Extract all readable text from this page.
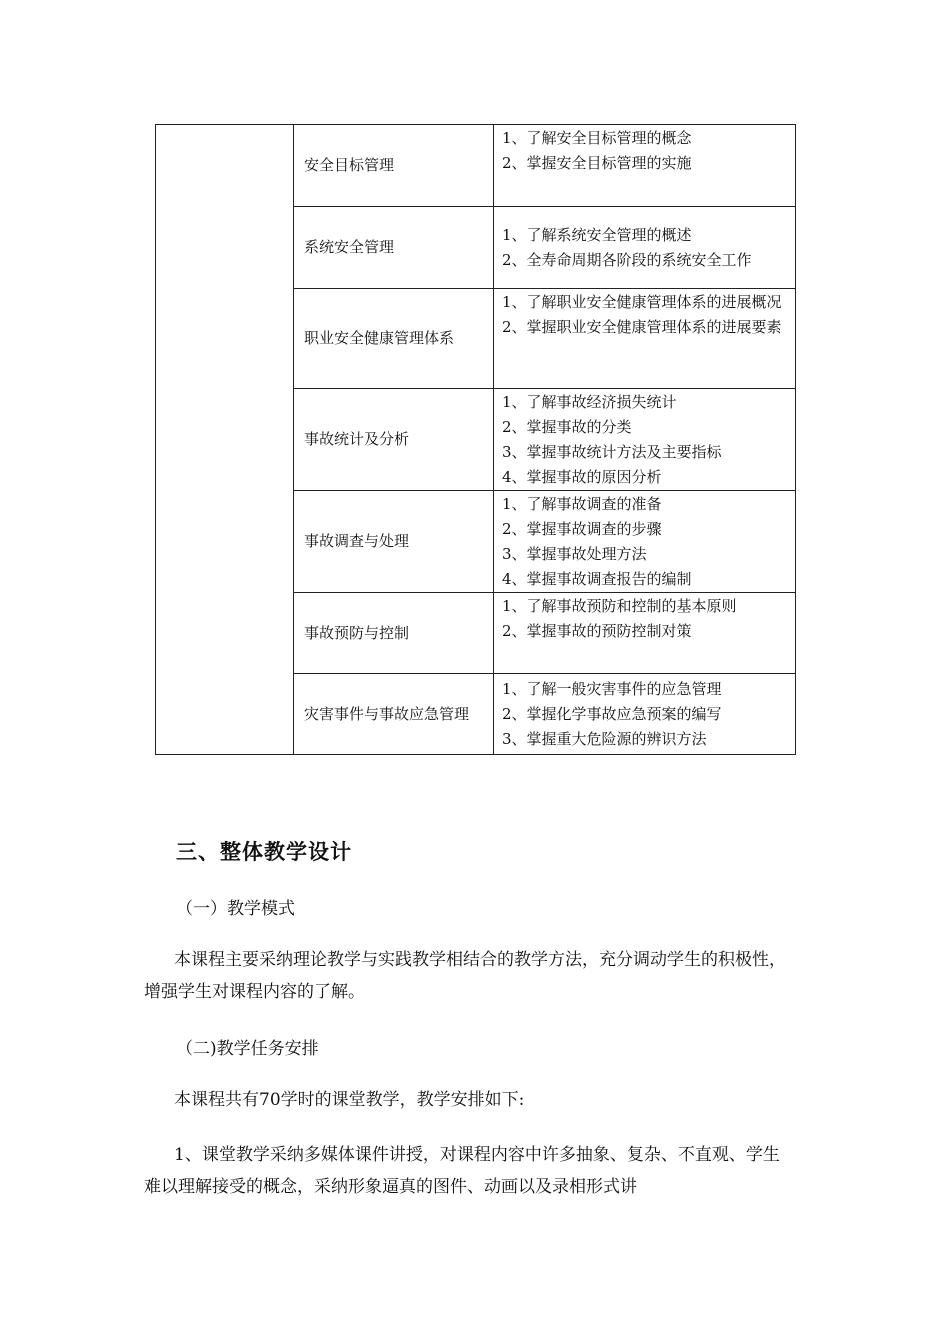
	安全目标管理	1、了解安全目标管理的概念
2、掌握安全目标管理的实施

	系统安全管理	1、了解系统安全管理的概述
2、全寿命周期各阶段的系统安全工作

	职业安全健康管理体系	1、了解职业安全健康管理体系的进展概况
2、掌握职业安全健康管理体系的进展要素

	事故统计及分析	1、了解事故经济损失统计
2、掌握事故的分类
3、掌握事故统计方法及主要指标
4、掌握事故的原因分析

	事故调查与处理	1、了解事故调查的准备
2、掌握事故调查的步骤
3、掌握事故处理方法
4、掌握事故调查报告的编制

	事故预防与控制	1、了解事故预防和控制的基本原则
2、掌握事故的预防控制对策

	灾害事件与事故应急管理	1、了解一般灾害事件的应急管理
2、掌握化学事故应急预案的编写
3、掌握重大危险源的辨识方法
三、整体教学设计
（一）教学模式
本课程主要采纳理论教学与实践教学相结合的教学方法，充分调动学生的积极性，增强学生对课程内容的了解。
（二)教学任务安排
本课程共有70学时的课堂教学，教学安排如下:
1、课堂教学采纳多媒体课件讲授，对课程内容中许多抽象、复杂、不直观、学生难以理解接受的概念，采纳形象逼真的图件、动画以及录相形式讲
